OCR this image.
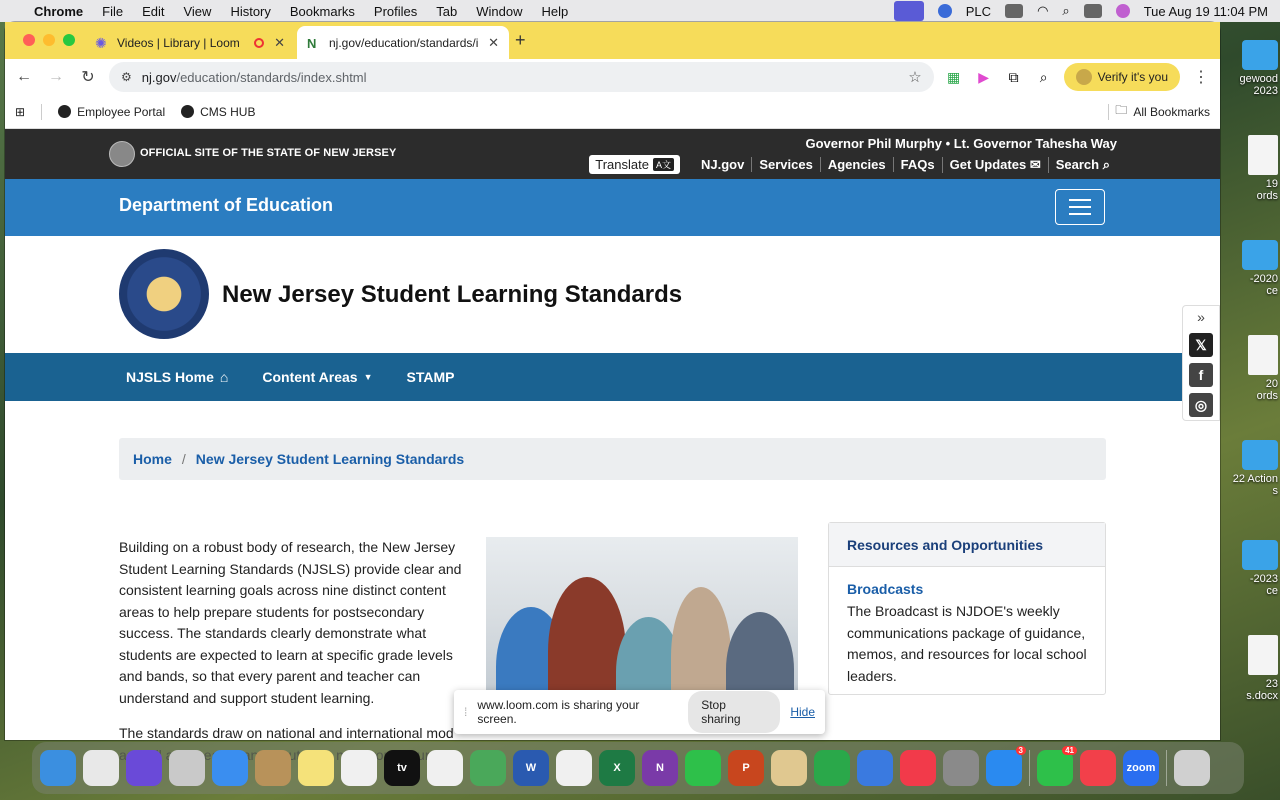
Chrome File Edit View History Bookmarks Profiles Tab Window Help	PLC	◠ ⌕	Tue Aug 19 11:04 PM
gewood
2023
19
ords
-2020
ce
20
ords
22 Action
s
-2023
ce
23
s.docx
✺ Videos | Library | Loom	✕ N	nj.gov/education/standards/i ✕ +
← → ↻	⚙ nj.gov/education/standards/index.shtml	☆ ▦	▶	⧉	⌕	Verify it's you ⋮
⊞	Employee Portal	CMS HUB	🗀 All Bookmarks
OFFICIAL SITE OF THE STATE OF NEW JERSEY
Governor Phil Murphy • Lt. Governor Tahesha Way
Translate A文	NJ.gov	Services	Agencies	FAQs	Get Updates ✉	Search ⌕
Department of Education
New Jersey Student Learning Standards
»
𝕏
f
◎
NJSLS Home ⌂ Content Areas ▼ STAMP
Home / New Jersey Student Learning Standards

Building on a robust body of research, the New Jersey Student Learning Standards (NJSLS) provide clear and consistent learning goals across nine distinct content areas to help prepare students for postsecondary success. The standards clearly demonstrate what students are expected to learn at specific grade levels and bands, so that every parent and teacher can understand and support student learning.

Resources and Opportunities
Broadcasts
The Broadcast is NJDOE's weekly communications package of guidance, memos, and resources for local school leaders.

The standards draw on national and international mod

⁞ www.loom.com is sharing your screen.
Stop sharing	Hide
tv	W	X	N	P
3	41
zoom
